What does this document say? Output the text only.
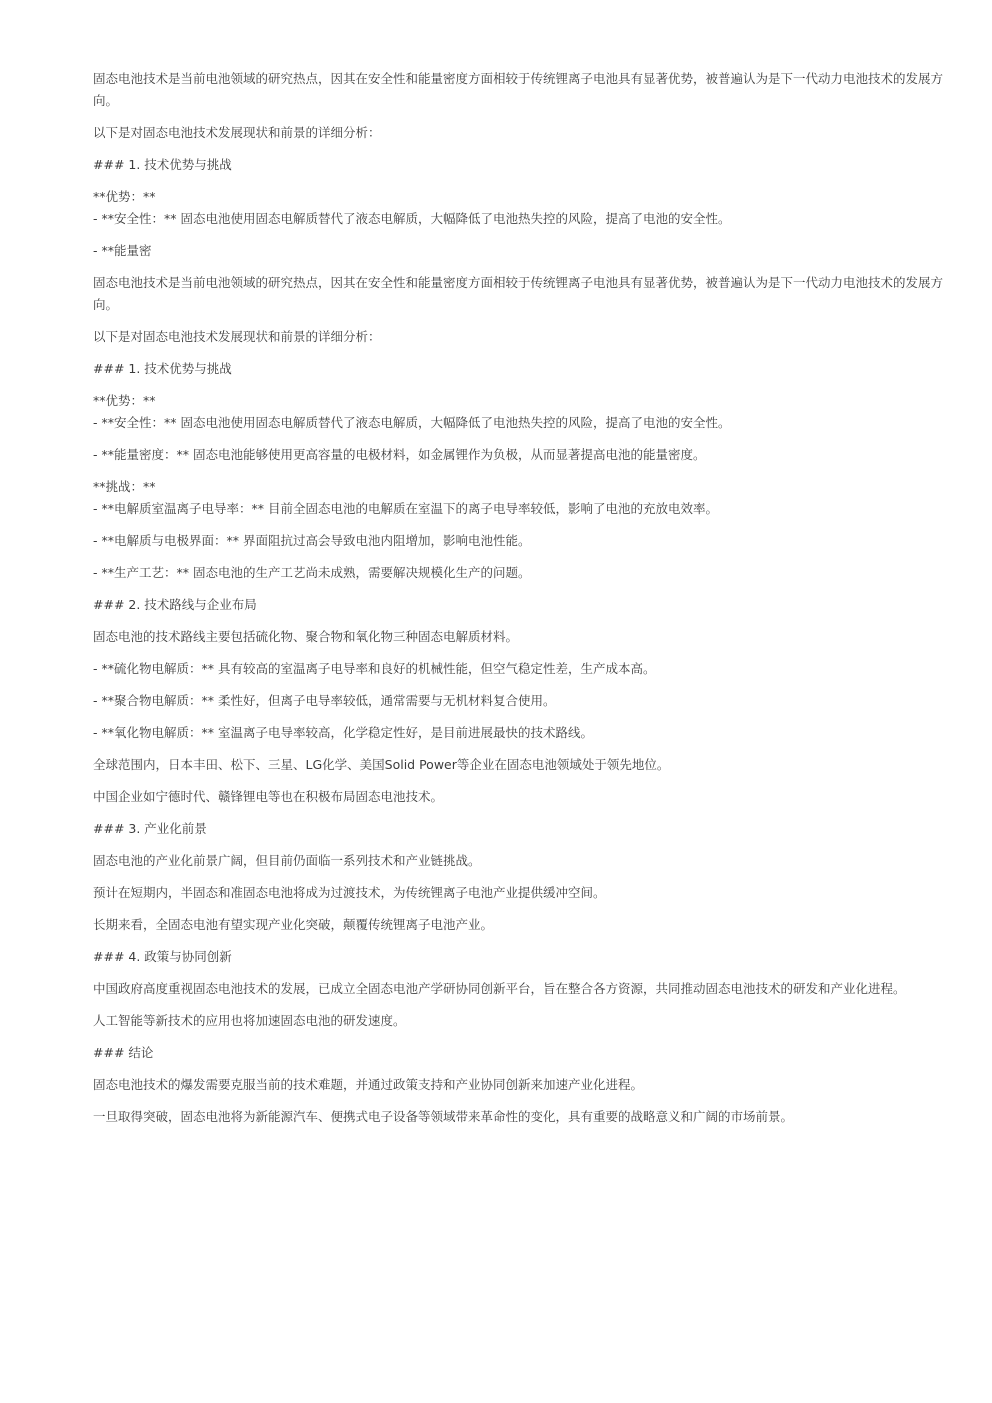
固态电池技术是当前电池领域的研究热点，因其在安全性和能量密度方面相较于传统锂离子电池具有显著优势，被普遍认为是下一代动力电池技术的发展方向。

以下是对固态电池技术发展现状和前景的详细分析：

### 1. 技术优势与挑战

**优势：**

- **安全性：** 固态电池使用固态电解质替代了液态电解质，大幅降低了电池热失控的风险，提高了电池的安全性。

- **能量密

固态电池技术是当前电池领域的研究热点，因其在安全性和能量密度方面相较于传统锂离子电池具有显著优势，被普遍认为是下一代动力电池技术的发展方向。

以下是对固态电池技术发展现状和前景的详细分析：

### 1. 技术优势与挑战

**优势：**

- **安全性：** 固态电池使用固态电解质替代了液态电解质，大幅降低了电池热失控的风险，提高了电池的安全性。

- **能量密度：** 固态电池能够使用更高容量的电极材料，如金属锂作为负极，从而显著提高电池的能量密度。

**挑战：**

- **电解质室温离子电导率：** 目前全固态电池的电解质在室温下的离子电导率较低，影响了电池的充放电效率。

- **电解质与电极界面：** 界面阻抗过高会导致电池内阻增加，影响电池性能。

- **生产工艺：** 固态电池的生产工艺尚未成熟，需要解决规模化生产的问题。

### 2. 技术路线与企业布局

固态电池的技术路线主要包括硫化物、聚合物和氧化物三种固态电解质材料。

- **硫化物电解质：** 具有较高的室温离子电导率和良好的机械性能，但空气稳定性差，生产成本高。

- **聚合物电解质：** 柔性好，但离子电导率较低，通常需要与无机材料复合使用。

- **氧化物电解质：** 室温离子电导率较高，化学稳定性好，是目前进展最快的技术路线。

全球范围内，日本丰田、松下、三星、LG化学、美国Solid Power等企业在固态电池领域处于领先地位。

中国企业如宁德时代、赣锋锂电等也在积极布局固态电池技术。

### 3. 产业化前景

固态电池的产业化前景广阔，但目前仍面临一系列技术和产业链挑战。

预计在短期内，半固态和准固态电池将成为过渡技术，为传统锂离子电池产业提供缓冲空间。

长期来看，全固态电池有望实现产业化突破，颠覆传统锂离子电池产业。

### 4. 政策与协同创新

中国政府高度重视固态电池技术的发展，已成立全固态电池产学研协同创新平台，旨在整合各方资源，共同推动固态电池技术的研发和产业化进程。

人工智能等新技术的应用也将加速固态电池的研发速度。

### 结论

固态电池技术的爆发需要克服当前的技术难题，并通过政策支持和产业协同创新来加速产业化进程。

一旦取得突破，固态电池将为新能源汽车、便携式电子设备等领域带来革命性的变化，具有重要的战略意义和广阔的市场前景。
